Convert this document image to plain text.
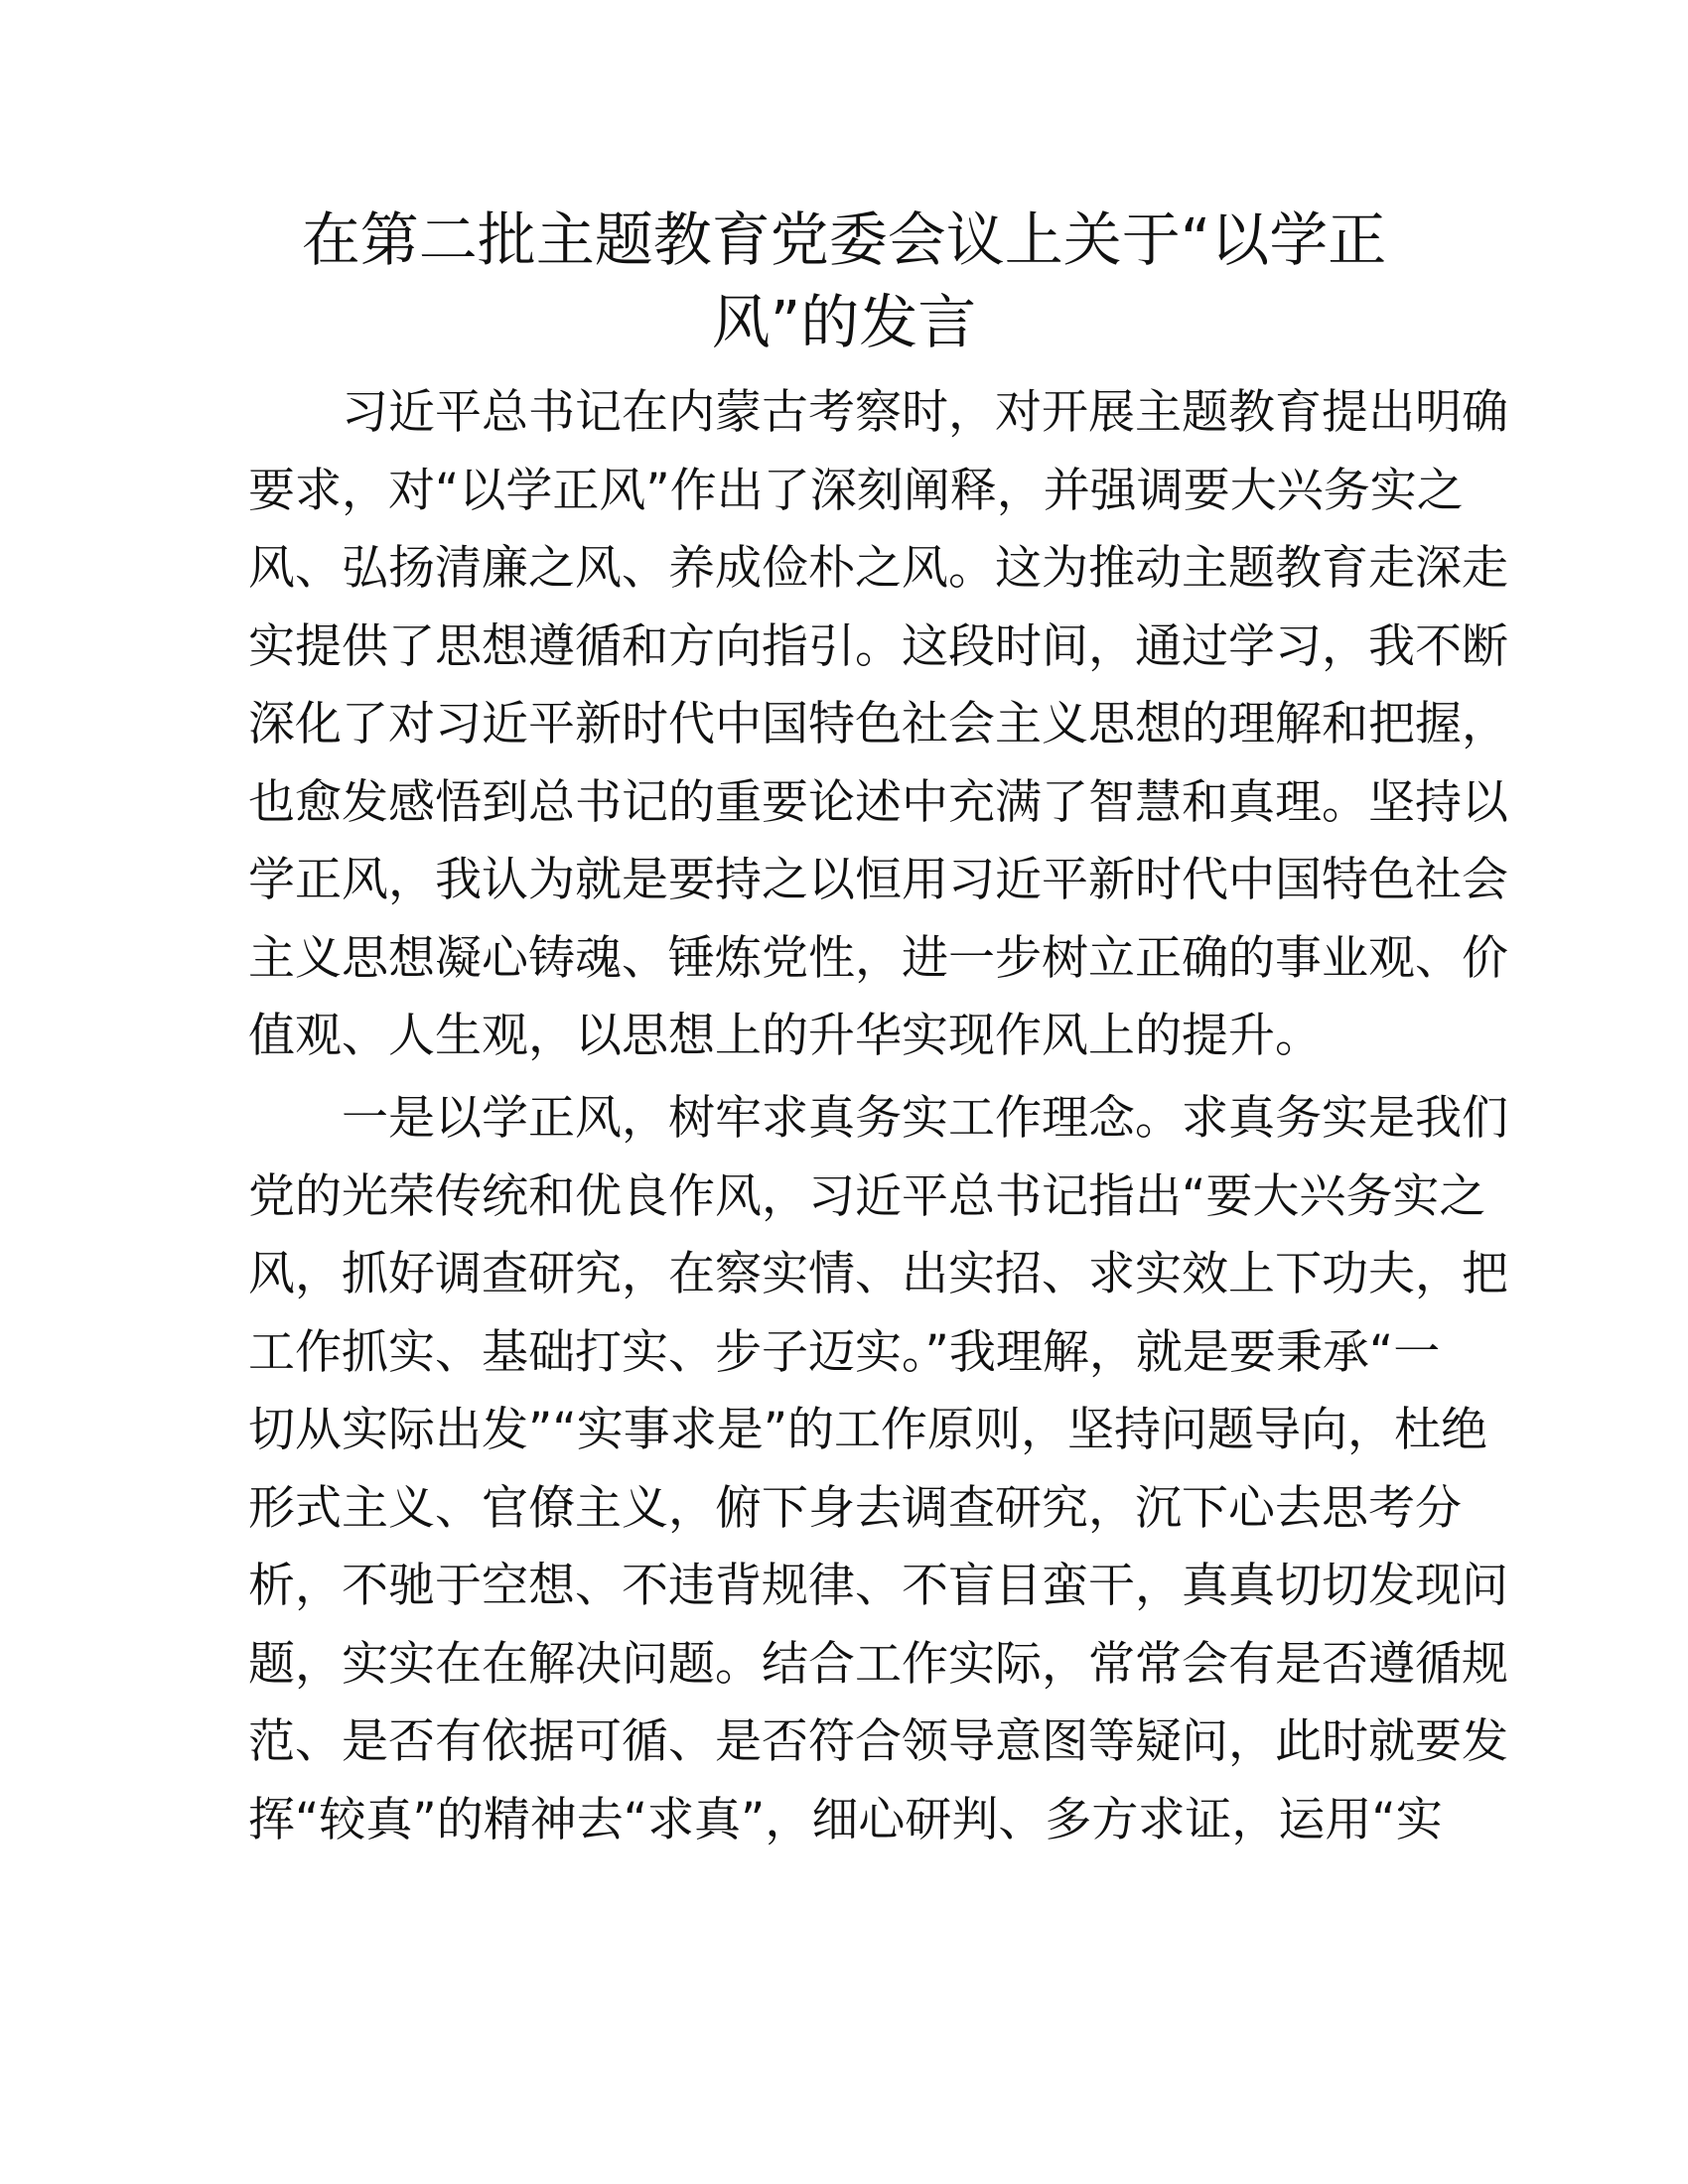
在第二批主题教育党委会议上关于“以学正
风”的发言
习近平总书记在内蒙古考察时，对开展主题教育提出明确
要求，对“以学正风”作出了深刻阐释，并强调要大兴务实之
风、弘扬清廉之风、养成俭朴之风。这为推动主题教育走深走
实提供了思想遵循和方向指引。这段时间，通过学习，我不断
深化了对习近平新时代中国特色社会主义思想的理解和把握，
也愈发感悟到总书记的重要论述中充满了智慧和真理。坚持以
学正风，我认为就是要持之以恒用习近平新时代中国特色社会
主义思想凝心铸魂、锤炼党性，进一步树立正确的事业观、价
值观、人生观，以思想上的升华实现作风上的提升。
一是以学正风，树牢求真务实工作理念。求真务实是我们
党的光荣传统和优良作风，习近平总书记指出“要大兴务实之
风，抓好调查研究，在察实情、出实招、求实效上下功夫，把
工作抓实、基础打实、步子迈实。”我理解，就是要秉承“一
切从实际出发”“实事求是”的工作原则，坚持问题导向，杜绝
形式主义、官僚主义，俯下身去调查研究，沉下心去思考分
析，不驰于空想、不违背规律、不盲目蛮干，真真切切发现问
题，实实在在解决问题。结合工作实际，常常会有是否遵循规
范、是否有依据可循、是否符合领导意图等疑问，此时就要发
挥“较真”的精神去“求真”，细心研判、多方求证，运用“实
